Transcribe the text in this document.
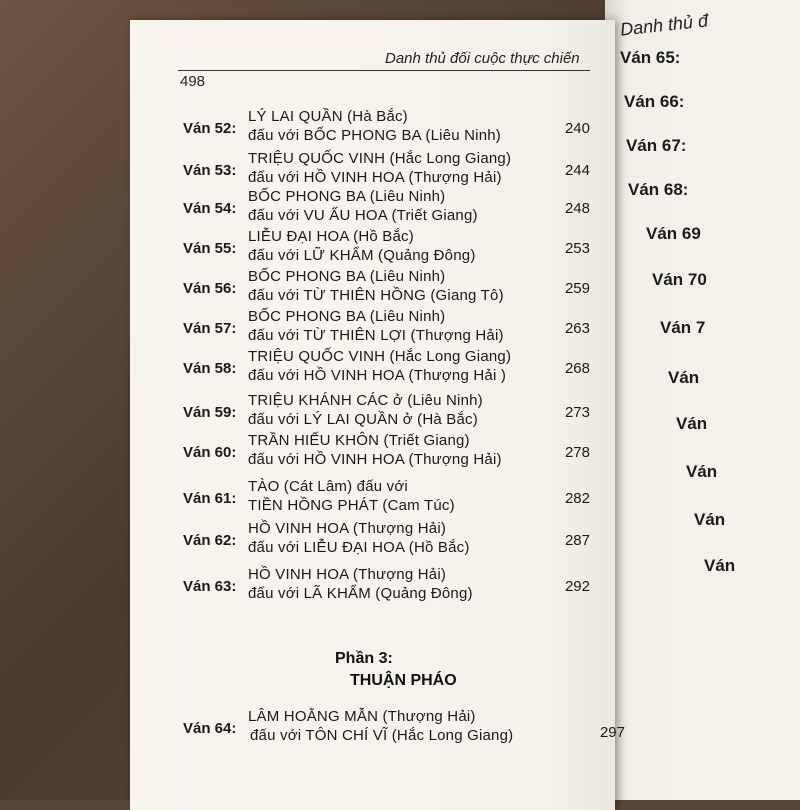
Danh thủ đ
Ván 65:
Ván 66:
Ván 67:
Ván 68:
Ván 69
Ván 70
Ván 7
Ván
Ván
Ván
Ván
Ván
Danh thủ đối cuộc thực chiến
498
Ván 52:
LÝ LAI QUẦN (Hà Bắc)
đấu với BỐC PHONG BA (Liêu Ninh)	240
Ván 53:
TRIỆU QUỐC VINH (Hắc Long Giang)
đấu với HỒ VINH HOA (Thượng Hải)	244
Ván 54:
BỐC PHONG BA (Liêu Ninh)
đấu với VU ẤU HOA (Triết Giang)	248
Ván 55:
LIỄU ĐẠI HOA (Hồ Bắc)
đấu với LỮ KHẨM (Quảng Đông)	253
Ván 56:
BỐC PHONG BA (Liêu Ninh)
đấu với TỪ THIÊN HỒNG (Giang Tô)	259
Ván 57:
BỐC PHONG BA (Liêu Ninh)
đấu với TỪ THIÊN LỢI (Thượng Hải)	263
Ván 58:
TRIỆU QUỐC VINH (Hắc Long Giang)
đấu với HỒ VINH HOA (Thượng Hải )	268
Ván 59:
TRIỆU KHÁNH CÁC ở (Liêu Ninh)
đấu với LÝ LAI QUẦN ở (Hà Bắc)	273
Ván 60:
TRẦN HIẾU KHÔN (Triết Giang)
đấu với HỒ VINH HOA (Thượng Hải)	278
Ván 61:
TÀO (Cát Lâm) đấu với
TIỀN HỒNG PHÁT (Cam Túc)	282
Ván 62:
HỒ VINH HOA (Thượng Hải)
đấu với LIỄU ĐẠI HOA (Hồ Bắc)	287
Ván 63:
HỒ VINH HOA (Thượng Hải)
đấu với LÃ KHẨM (Quảng Đông)	292
Phần 3:
THUẬN PHÁO
Ván 64:
LÂM HOẰNG MẪN (Thượng Hải)
đấu với TÔN CHÍ VĨ (Hắc Long Giang)	297
